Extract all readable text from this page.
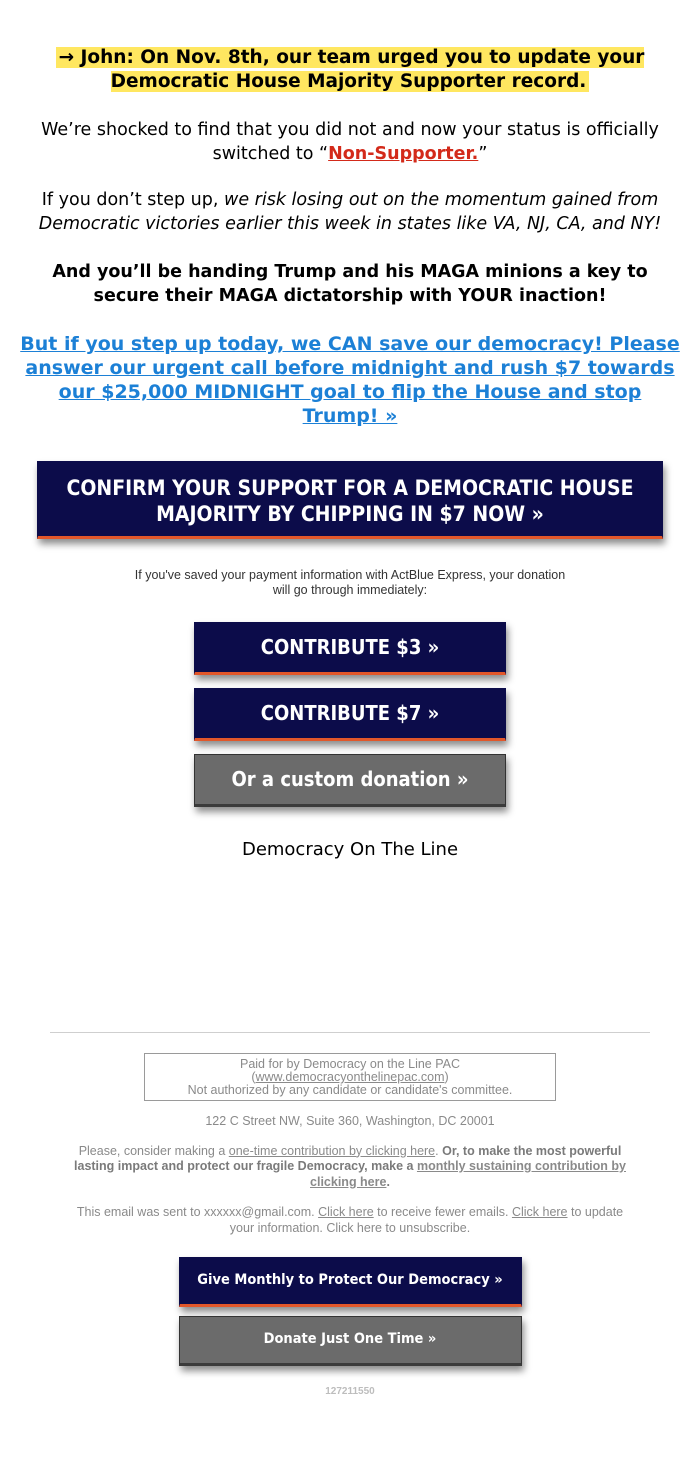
→ John: On Nov. 8th, our team urged you to update your Democratic House Majority Supporter record.
We’re shocked to find that you did not and now your status is officially switched to “Non-Supporter.”
If you don’t step up, we risk losing out on the momentum gained from Democratic victories earlier this week in states like VA, NJ, CA, and NY!
And you’ll be handing Trump and his MAGA minions a key to secure their MAGA dictatorship with YOUR inaction!
But if you step up today, we CAN save our democracy! Please answer our urgent call before midnight and rush $7 towards our $25,000 MIDNIGHT goal to flip the House and stop Trump! »
CONFIRM YOUR SUPPORT FOR A DEMOCRATIC HOUSE MAJORITY BY CHIPPING IN $7 NOW »
If you've saved your payment information with ActBlue Express, your donation will go through immediately:
CONTRIBUTE $3 »
CONTRIBUTE $7 »
Or a custom donation »
Democracy On The Line
Paid for by Democracy on the Line PAC
(www.democracyonthelinepac.com)
Not authorized by any candidate or candidate's committee.
122 C Street NW, Suite 360, Washington, DC 20001
Please, consider making a one-time contribution by clicking here. Or, to make the most powerful lasting impact and protect our fragile Democracy, make a monthly sustaining contribution by clicking here.
This email was sent to xxxxxx@gmail.com. Click here to receive fewer emails. Click here to update your information. Click here to unsubscribe.
Give Monthly to Protect Our Democracy »
Donate Just One Time »
127211550
